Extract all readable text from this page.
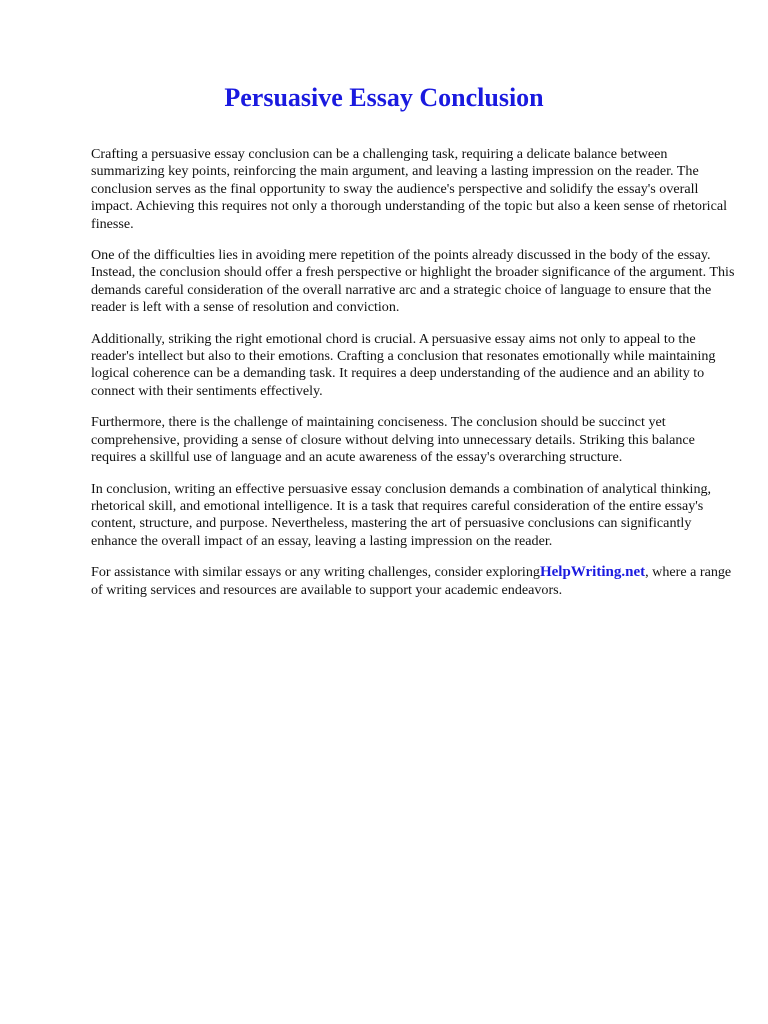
Persuasive Essay Conclusion

Crafting a persuasive essay conclusion can be a challenging task, requiring a delicate balance between summarizing key points, reinforcing the main argument, and leaving a lasting impression on the reader. The conclusion serves as the final opportunity to sway the audience's perspective and solidify the essay's overall impact. Achieving this requires not only a thorough understanding of the topic but also a keen sense of rhetorical finesse.

One of the difficulties lies in avoiding mere repetition of the points already discussed in the body of the essay. Instead, the conclusion should offer a fresh perspective or highlight the broader significance of the argument. This demands careful consideration of the overall narrative arc and a strategic choice of language to ensure that the reader is left with a sense of resolution and conviction.

Additionally, striking the right emotional chord is crucial. A persuasive essay aims not only to appeal to the reader's intellect but also to their emotions. Crafting a conclusion that resonates emotionally while maintaining logical coherence can be a demanding task. It requires a deep understanding of the audience and an ability to connect with their sentiments effectively.

Furthermore, there is the challenge of maintaining conciseness. The conclusion should be succinct yet comprehensive, providing a sense of closure without delving into unnecessary details. Striking this balance requires a skillful use of language and an acute awareness of the essay's overarching structure.

In conclusion, writing an effective persuasive essay conclusion demands a combination of analytical thinking, rhetorical skill, and emotional intelligence. It is a task that requires careful consideration of the entire essay's content, structure, and purpose. Nevertheless, mastering the art of persuasive conclusions can significantly enhance the overall impact of an essay, leaving a lasting impression on the reader.

For assistance with similar essays or any writing challenges, consider exploringHelpWriting.net, where a range of writing services and resources are available to support your academic endeavors.
